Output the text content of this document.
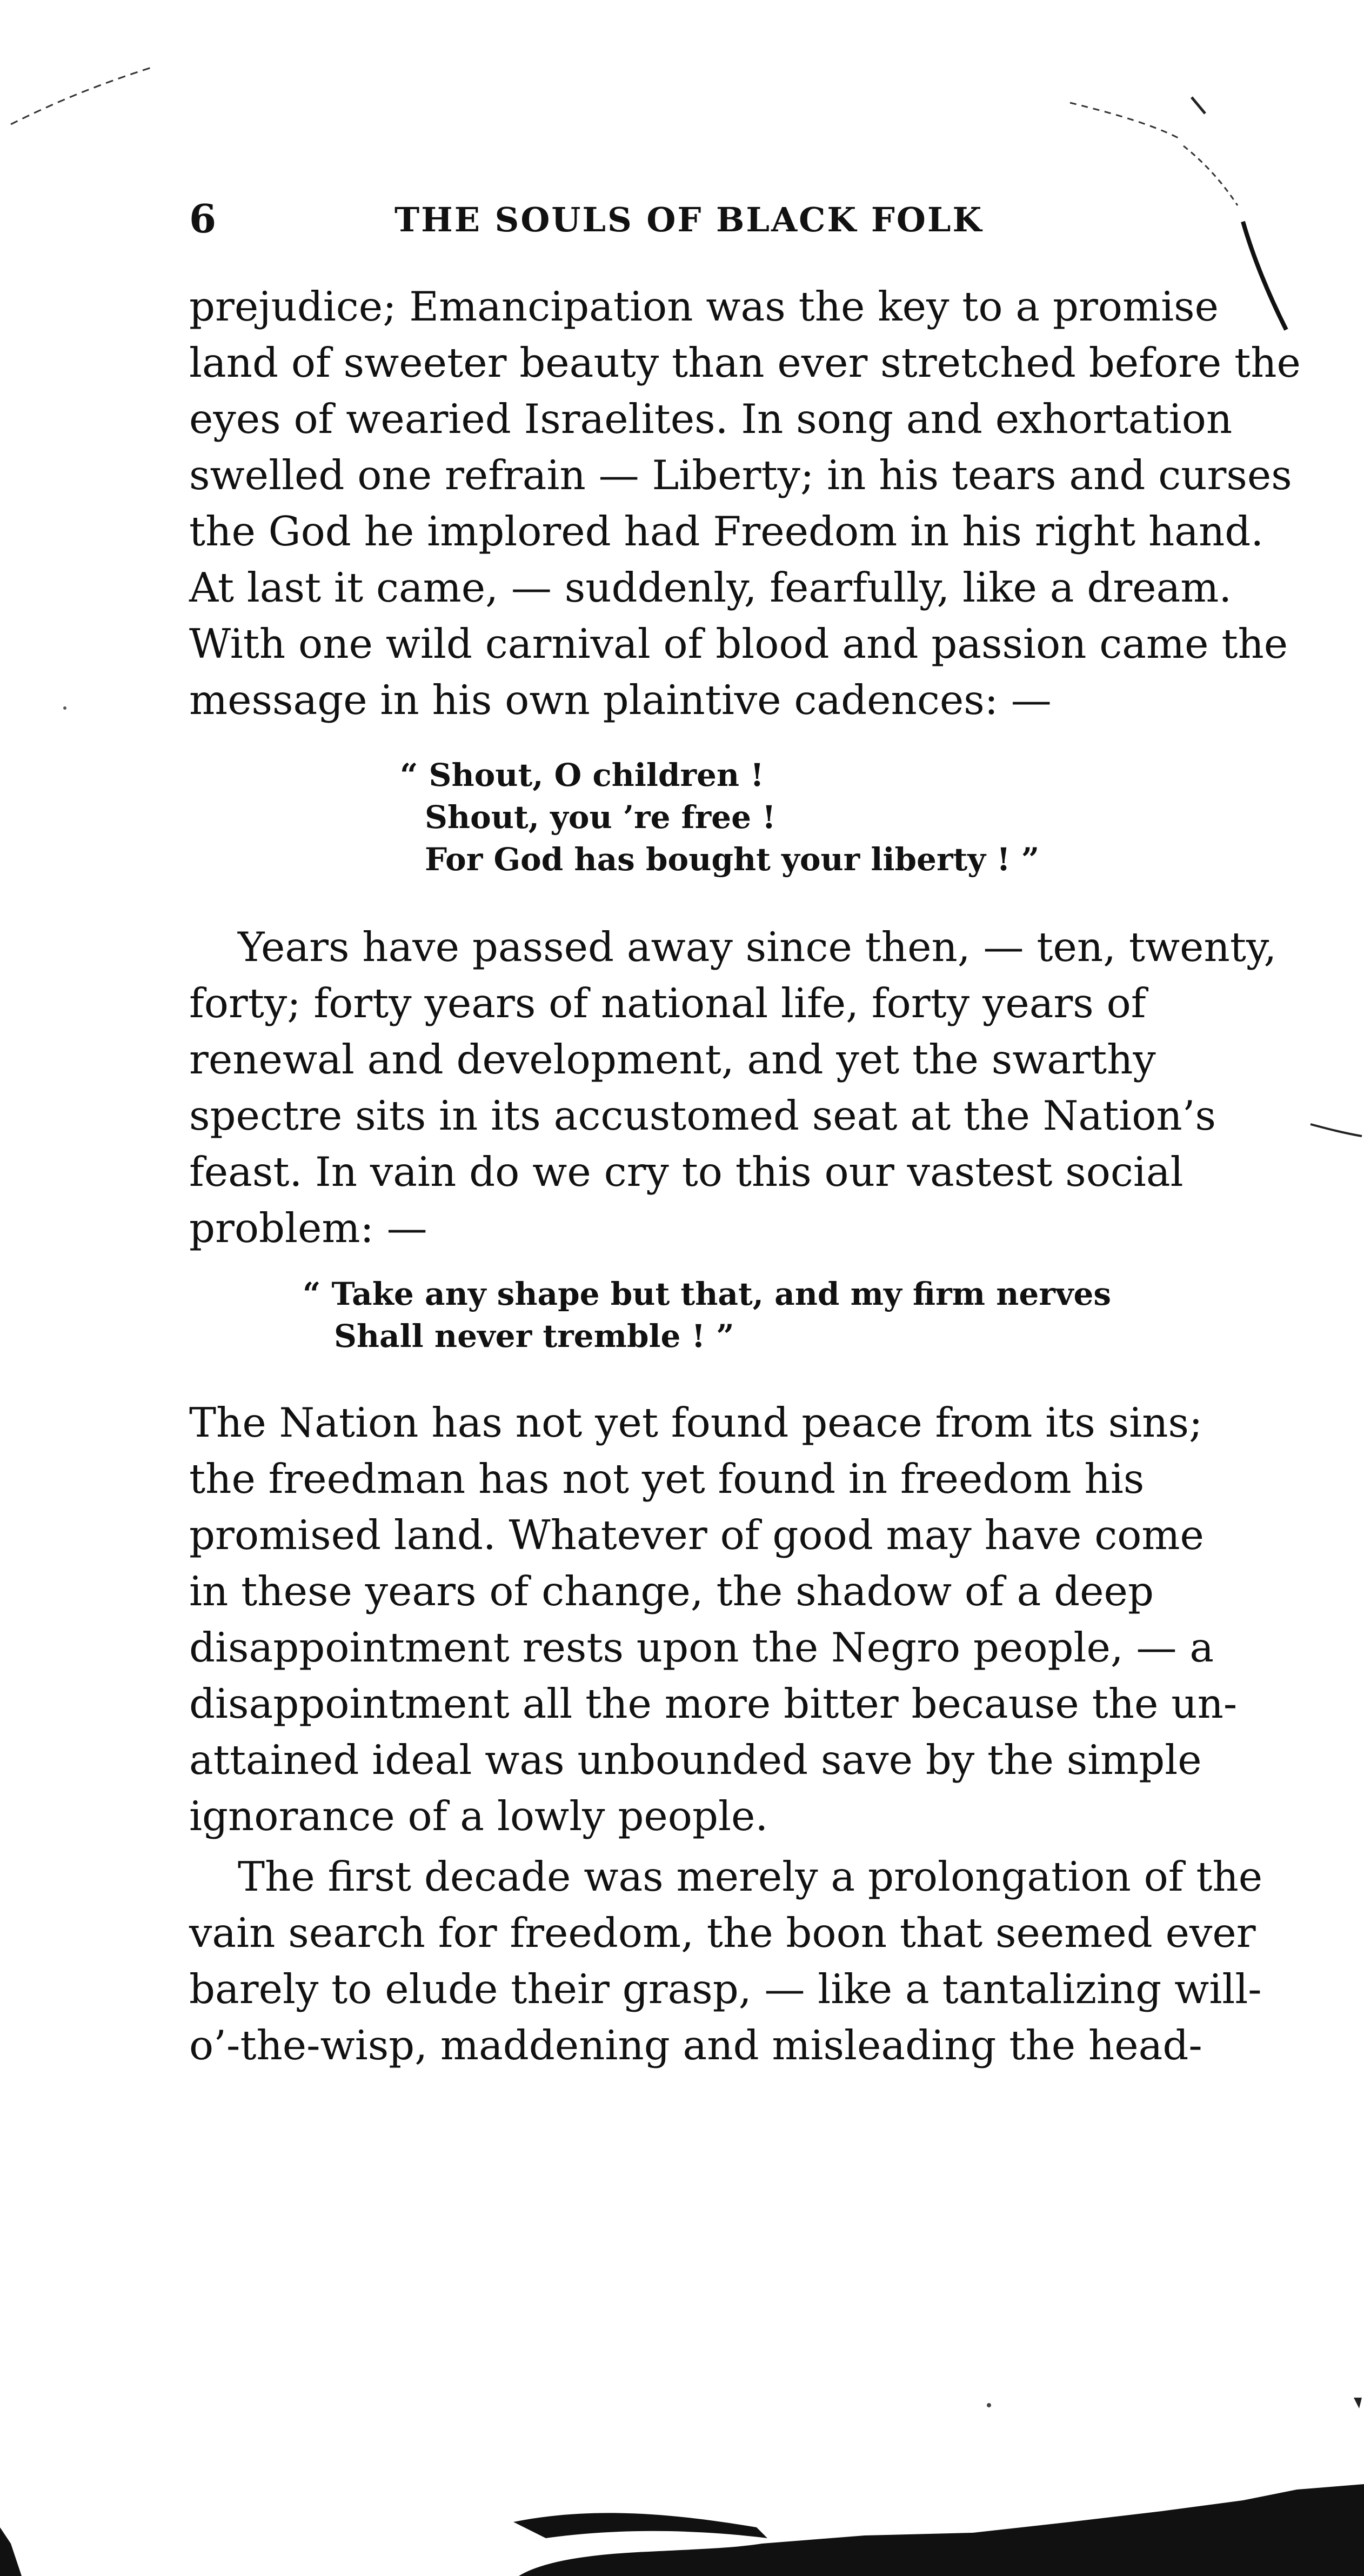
6	THE SOULS OF BLACK FOLK
prejudice; Emancipation was the key to a promise
land of sweeter beauty than ever stretched before the
eyes of wearied Israelites. In song and exhortation
swelled one refrain — Liberty; in his tears and curses
the God he implored had Freedom in his right hand.
At last it came, — suddenly, fearfully, like a dream.
With one wild carnival of blood and passion came the
message in his own plaintive cadences: —
“ Shout, O children !
Shout, you ’re free !
For God has bought your liberty ! ”
Years have passed away since then, — ten, twenty,
forty; forty years of national life, forty years of
renewal and development, and yet the swarthy
spectre sits in its accustomed seat at the Nation’s
feast. In vain do we cry to this our vastest social
problem: —
“ Take any shape but that, and my firm nerves
Shall never tremble ! ”
The Nation has not yet found peace from its sins;
the freedman has not yet found in freedom his
promised land. Whatever of good may have come
in these years of change, the shadow of a deep
disappointment rests upon the Negro people, — a
disappointment all the more bitter because the un-
attained ideal was unbounded save by the simple
ignorance of a lowly people.
The first decade was merely a prolongation of the
vain search for freedom, the boon that seemed ever
barely to elude their grasp, — like a tantalizing will-
o’-the-wisp, maddening and misleading the head-
